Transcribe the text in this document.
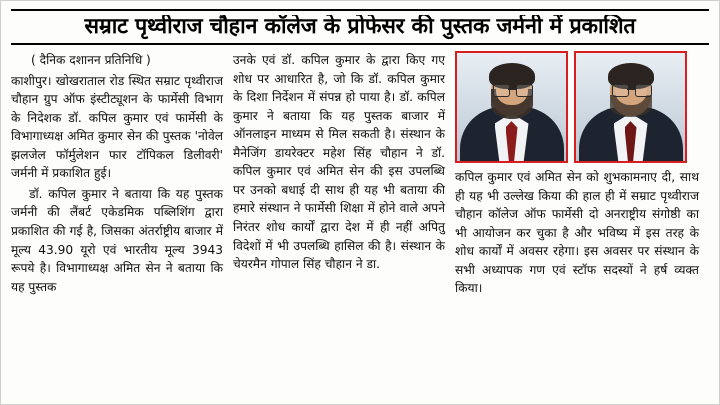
सम्राट पृथ्वीराज चौहान कॉलेज के प्रोफेसर की पुस्तक जर्मनी में प्रकाशित

( दैनिक दशानन प्रतिनिधि )

काशीपुर। खोखराताल रोड स्थित सम्राट पृथ्वीराज चौहान ग्रुप ऑफ इंस्टीट्यूशन के फार्मेसी विभाग के निदेशक डॉ. कपिल कुमार एवं फार्मेसी के विभागाध्यक्ष अमित कुमार सेन की पुस्तक 'नोवेल झलजेल फॉर्मुलेशन फार टॉपिकल डिलीवरी' जर्मनी में प्रकाशित हुई।

डॉ. कपिल कुमार ने बताया कि यह पुस्तक जर्मनी की लैंबर्ट एकेडमिक पब्लिशिंग द्वारा प्रकाशित की गई है, जिसका अंतर्राष्ट्रीय बाजार में मूल्य 43.90 यूरो एवं भारतीय मूल्य 3943 रूपये है। विभागाध्यक्ष अमित सेन ने बताया कि यह पुस्तक

उनके एवं डॉ. कपिल कुमार के द्वारा किए गए शोध पर आधारित है, जो कि डॉ. कपिल कुमार के दिशा निर्देशन में संपन्न हो पाया है। डॉ. कपिल कुमार ने बताया कि यह पुस्तक बाजार में ऑनलाइन माध्यम से मिल सकती है। संस्थान के मैनेजिंग डायरेक्टर महेश सिंह चौहान ने डॉ. कपिल कुमार एवं अमित सेन की इस उपलब्धि पर उनको बधाई दी साथ ही यह भी बताया की हमारे संस्थान ने फार्मेसी शिक्षा में होने वाले अपने निरंतर शोध कार्यों द्वारा देश में ही नहीं अपितु विदेशों में भी उपलब्धि हासिल की है। संस्थान के चेयरमैन गोपाल सिंह चौहान ने डा.

कपिल कुमार एवं अमित सेन को शुभकामनाए दी, साथ ही यह भी उल्लेख किया की हाल ही में सम्राट पृथ्वीराज चौहान कॉलेज ऑफ फार्मेसी दो अनराष्ट्रीय संगोष्ठी का भी आयोजन कर चुका है और भविष्य में इस तरह के शोध कार्यों में अवसर रहेगा। इस अवसर पर संस्थान के सभी अध्यापक गण एवं स्टॉफ सदस्यों ने हर्ष व्यक्त किया।
